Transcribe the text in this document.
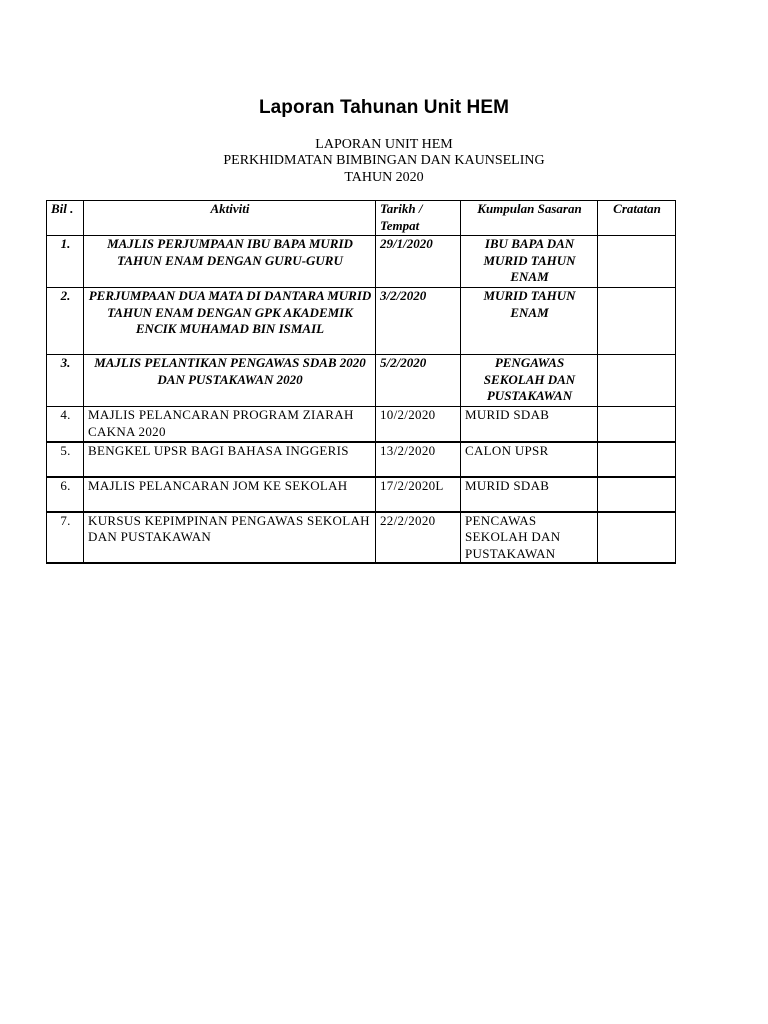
Laporan Tahunan Unit HEM
LAPORAN UNIT HEM
PERKHIDMATAN BIMBINGAN DAN KAUNSELING
TAHUN 2020
Bil .	Aktiviti	Tarikh / Tempat	Kumpulan Sasaran	Cratatan
1.	MAJLIS PERJUMPAAN IBU BAPA MURID TAHUN ENAM DENGAN GURU-GURU	29/1/2020	IBU BAPA DAN MURID TAHUN ENAM	
2.	PERJUMPAAN DUA MATA DI DANTARA MURID TAHUN ENAM DENGAN GPK AKADEMIK ENCIK MUHAMAD BIN ISMAIL	3/2/2020	MURID TAHUN ENAM	
3.	MAJLIS PELANTIKAN PENGAWAS SDAB 2020 DAN PUSTAKAWAN 2020	5/2/2020	PENGAWAS SEKOLAH DAN PUSTAKAWAN	
4.	MAJLIS PELANCARAN PROGRAM ZIARAH CAKNA 2020	10/2/2020	MURID SDAB	
5.	BENGKEL UPSR BAGI BAHASA INGGERIS	13/2/2020	CALON UPSR	
6.	MAJLIS PELANCARAN JOM KE SEKOLAH	17/2/2020L	MURID SDAB	
7.	KURSUS KEPIMPINAN PENGAWAS SEKOLAH DAN PUSTAKAWAN	22/2/2020	PENCAWAS SEKOLAH DAN PUSTAKAWAN	
